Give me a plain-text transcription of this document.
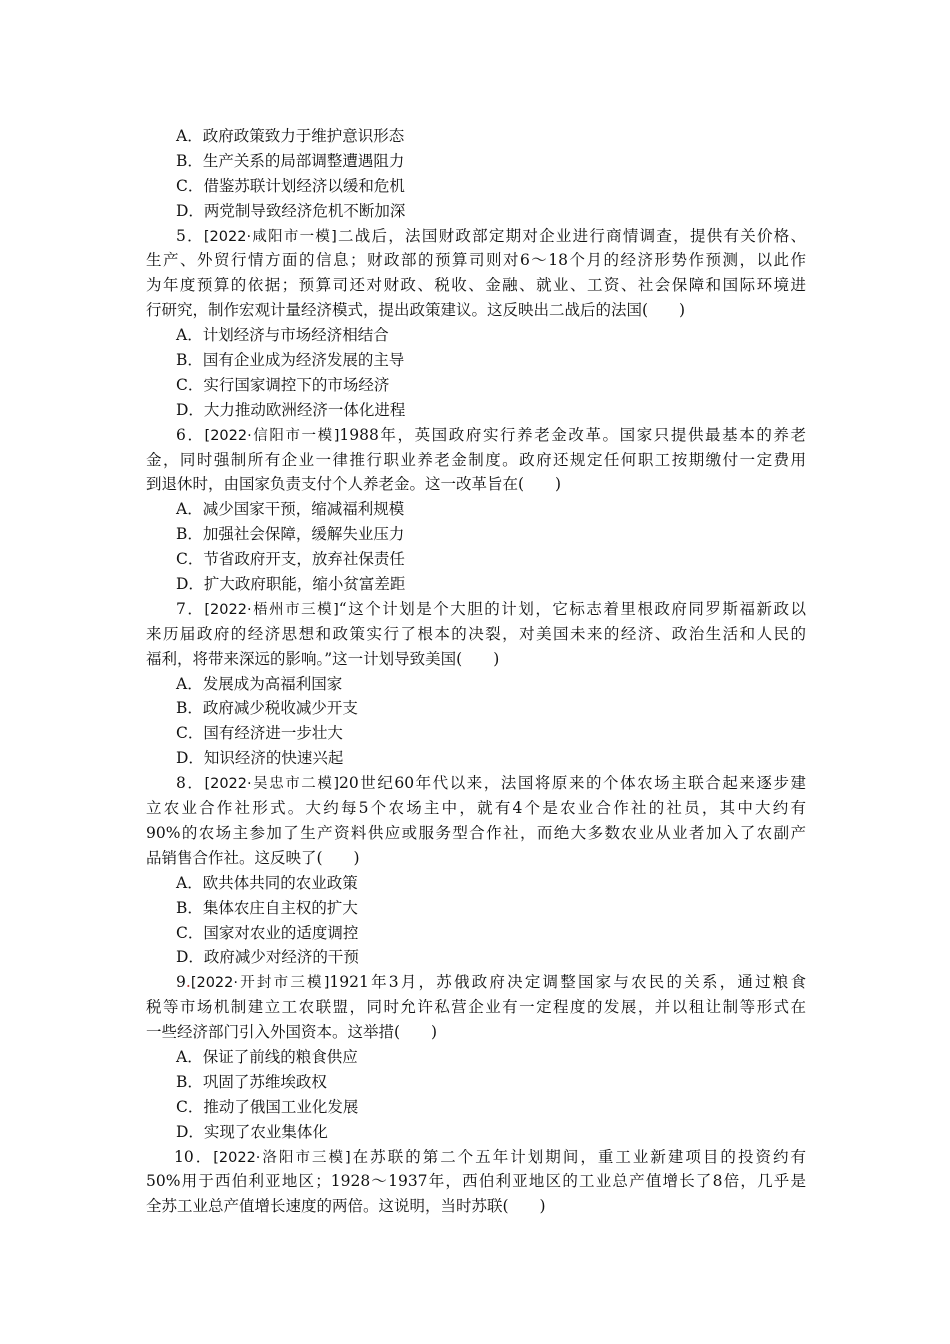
A．政府政策致力于维护意识形态
B．生产关系的局部调整遭遇阻力
C．借鉴苏联计划经济以缓和危机
D．两党制导致经济危机不断加深
5．[2022·咸阳市一模]二战后，法国财政部定期对企业进行商情调查，提供有关价格、
生产、外贸行情方面的信息；财政部的预算司则对6～18个月的经济形势作预测，以此作
为年度预算的依据；预算司还对财政、税收、金融、就业、工资、社会保障和国际环境进
行研究，制作宏观计量经济模式，提出政策建议。这反映出二战后的法国(　　)
A．计划经济与市场经济相结合
B．国有企业成为经济发展的主导
C．实行国家调控下的市场经济
D．大力推动欧洲经济一体化进程
6．[2022·信阳市一模]1988年，英国政府实行养老金改革。国家只提供最基本的养老
金，同时强制所有企业一律推行职业养老金制度。政府还规定任何职工按期缴付一定费用
到退休时，由国家负责支付个人养老金。这一改革旨在(　　)
A．减少国家干预，缩减福利规模
B．加强社会保障，缓解失业压力
C．节省政府开支，放弃社保责任
D．扩大政府职能，缩小贫富差距
7．[2022·梧州市三模]“这个计划是个大胆的计划，它标志着里根政府同罗斯福新政以
来历届政府的经济思想和政策实行了根本的决裂，对美国未来的经济、政治生活和人民的
福利，将带来深远的影响。”这一计划导致美国(　　)
A．发展成为高福利国家
B．政府减少税收减少开支
C．国有经济进一步壮大
D．知识经济的快速兴起
8．[2022·吴忠市二模]20世纪60年代以来，法国将原来的个体农场主联合起来逐步建
立农业合作社形式。大约每5个农场主中，就有4个是农业合作社的社员，其中大约有
90%的农场主参加了生产资料供应或服务型合作社，而绝大多数农业从业者加入了农副产
品销售合作社。这反映了(　　)
A．欧共体共同的农业政策
B．集体农庄自主权的扩大
C．国家对农业的适度调控
D．政府减少对经济的干预
9.[2022·开封市三模]1921年3月，苏俄政府决定调整国家与农民的关系，通过粮食
税等市场机制建立工农联盟，同时允许私营企业有一定程度的发展，并以租让制等形式在
一些经济部门引入外国资本。这举措(　　)
A．保证了前线的粮食供应
B．巩固了苏维埃政权
C．推动了俄国工业化发展
D．实现了农业集体化
10．[2022·洛阳市三模]在苏联的第二个五年计划期间，重工业新建项目的投资约有
50%用于西伯利亚地区；1928～1937年，西伯利亚地区的工业总产值增长了8倍，几乎是
全苏工业总产值增长速度的两倍。这说明，当时苏联(　　)
